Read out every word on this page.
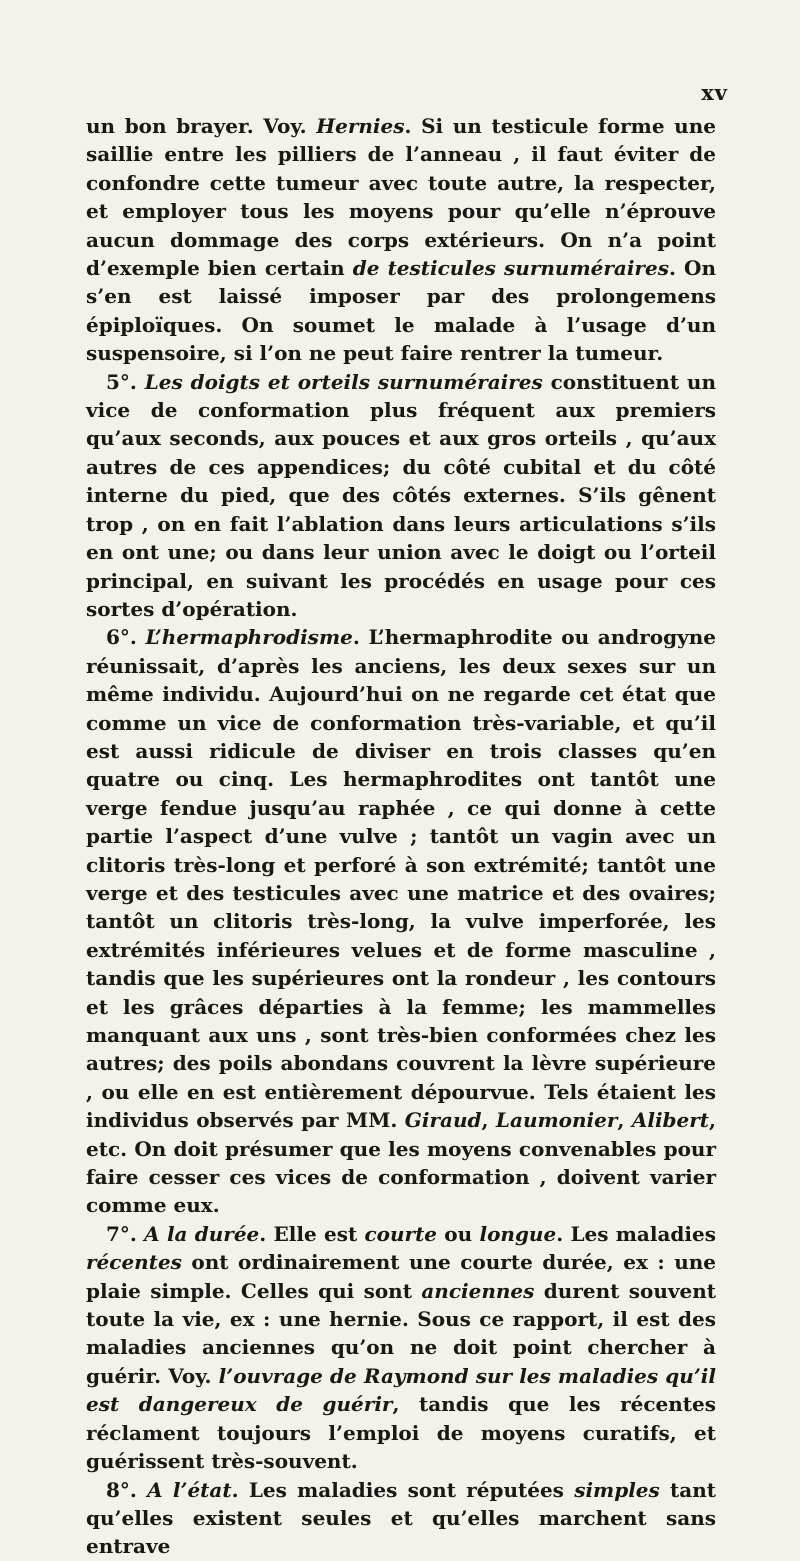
xv

un bon brayer. Voy. Hernies. Si un testicule forme une saillie entre les pilliers de l’anneau , il faut éviter de confondre cette tumeur avec toute autre, la respecter, et employer tous les moyens pour qu’elle n’éprouve aucun dommage des corps extérieurs. On n’a point d’exemple bien certain de testicules surnuméraires. On s’en est laissé imposer par des prolongemens épiploïques. On soumet le malade à l’usage d’un suspensoire, si l’on ne peut faire rentrer la tumeur.

5°. Les doigts et orteils surnuméraires constituent un vice de conformation plus fréquent aux premiers qu’aux seconds, aux pouces et aux gros orteils , qu’aux autres de ces appendices; du côté cubital et du côté interne du pied, que des côtés externes. S’ils gênent trop , on en fait l’ablation dans leurs articulations s’ils en ont une; ou dans leur union avec le doigt ou l’orteil principal, en suivant les procédés en usage pour ces sortes d’opération.

6°. L’hermaphrodisme. L’hermaphrodite ou androgyne réunissait, d’après les anciens, les deux sexes sur un même individu. Aujourd’hui on ne regarde cet état que comme un vice de conformation très-variable, et qu’il est aussi ridicule de diviser en trois classes qu’en quatre ou cinq. Les hermaphrodites ont tantôt une verge fendue jusqu’au raphée , ce qui donne à cette partie l’aspect d’une vulve ; tantôt un vagin avec un clitoris très-long et perforé à son extrémité; tantôt une verge et des testicules avec une matrice et des ovaires; tantôt un clitoris très-long, la vulve imperforée, les extrémités inférieures velues et de forme masculine , tandis que les supérieures ont la rondeur , les contours et les grâces départies à la femme; les mammelles manquant aux uns , sont très-bien conformées chez les autres; des poils abondans couvrent la lèvre supérieure , ou elle en est entièrement dépourvue. Tels étaient les individus observés par MM. Giraud, Laumonier, Alibert, etc. On doit présumer que les moyens convenables pour faire cesser ces vices de conformation , doivent varier comme eux.

7°. A la durée. Elle est courte ou longue. Les maladies récentes ont ordinairement une courte durée, ex : une plaie simple. Celles qui sont anciennes durent souvent toute la vie, ex : une hernie. Sous ce rapport, il est des maladies anciennes qu’on ne doit point chercher à guérir. Voy. l’ouvrage de Raymond sur les maladies qu’il est dangereux de guérir, tandis que les récentes réclament toujours l’emploi de moyens curatifs, et guérissent très-souvent.

8°. A l’état. Les maladies sont réputées simples tant qu’elles existent seules et qu’elles marchent sans entrave
